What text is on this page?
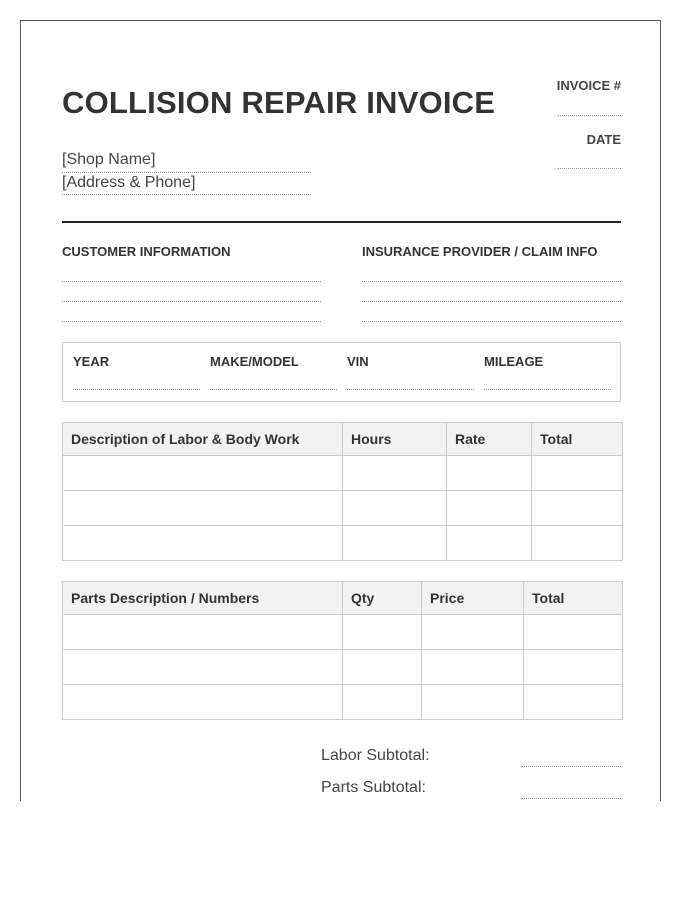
COLLISION REPAIR INVOICE	INVOICE #
DATE
[Shop Name]
[Address & Phone]
CUSTOMER INFORMATION	INSURANCE PROVIDER / CLAIM INFO
YEAR	MAKE/MODEL	VIN	MILEAGE
Description of Labor & Body Work	Hours	Rate	Total

Parts Description / Numbers	Qty	Price	Total

Labor Subtotal:
Parts Subtotal:
